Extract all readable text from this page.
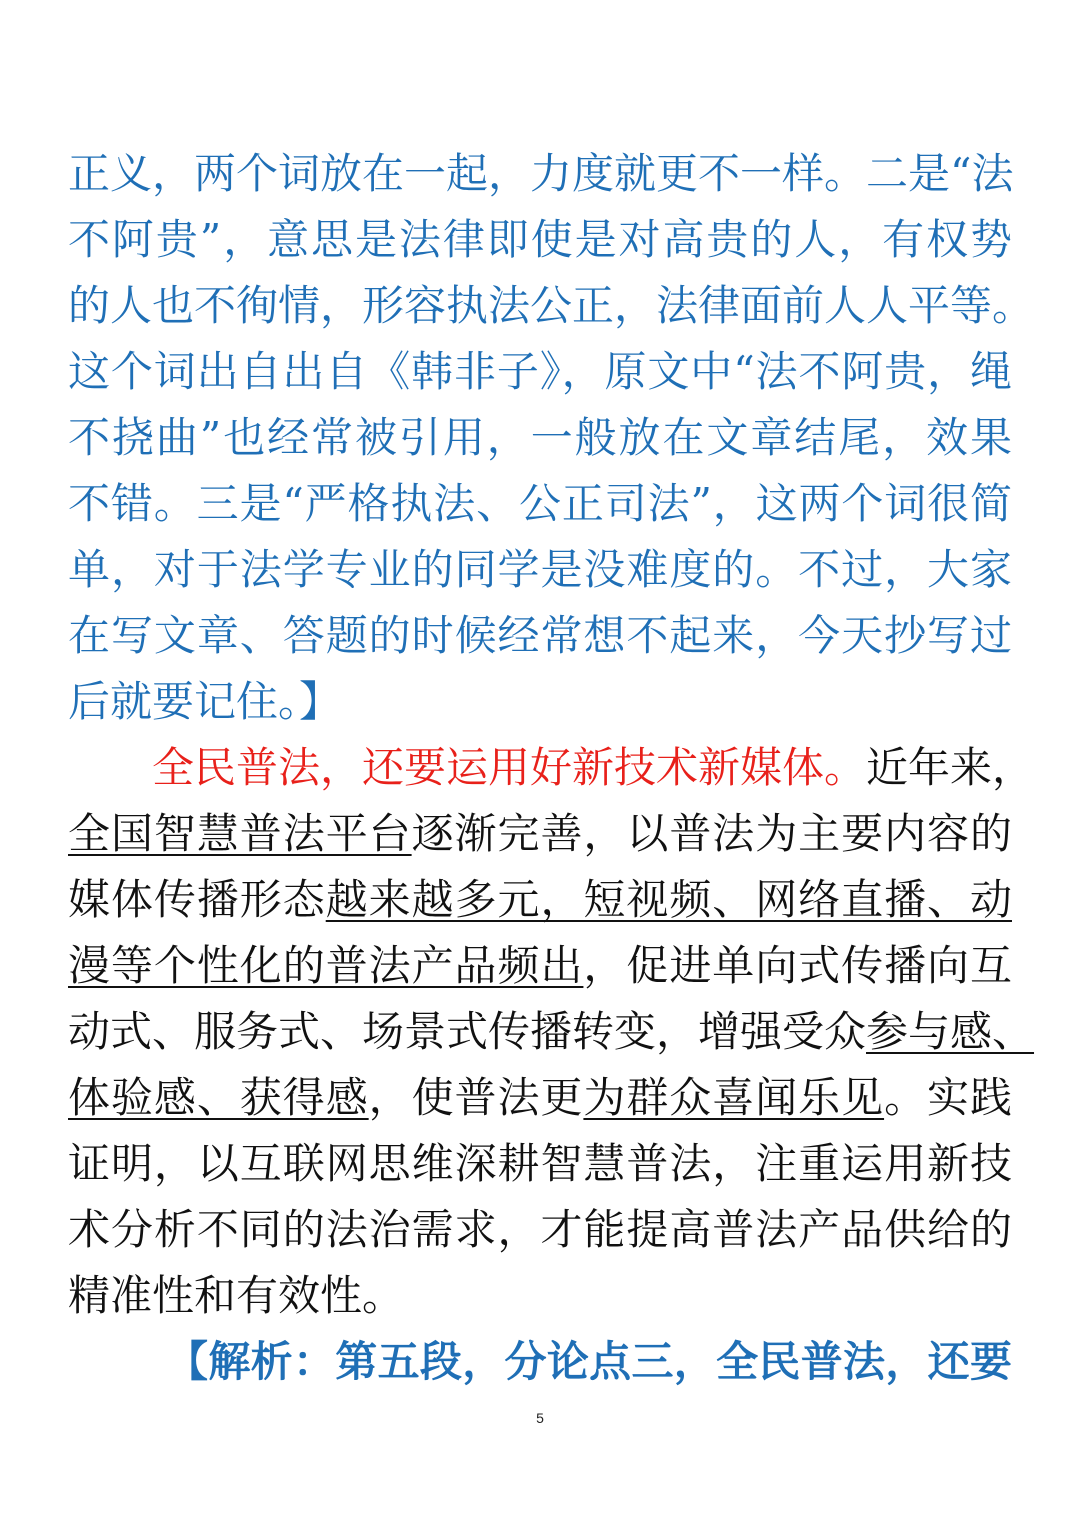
正义，两个词放在一起，力度就更不一样。二是“法
不阿贵”，意思是法律即使是对高贵的人，有权势
的人也不徇情，形容执法公正，法律面前人人平等。
这个词出自出自《韩非子》，原文中“法不阿贵，绳
不挠曲”也经常被引用，一般放在文章结尾，效果
不错。三是“严格执法、公正司法”，这两个词很简
单，对于法学专业的同学是没难度的。不过，大家
在写文章、答题的时候经常想不起来，今天抄写过
后就要记住。】
全民普法，还要运用好新技术新媒体。近年来，
全国智慧普法平台逐渐完善，以普法为主要内容的
媒体传播形态越来越多元，短视频、网络直播、动
漫等个性化的普法产品频出，促进单向式传播向互
动式、服务式、场景式传播转变，增强受众参与感、
体验感、获得感，使普法更为群众喜闻乐见。实践
证明，以互联网思维深耕智慧普法，注重运用新技
术分析不同的法治需求，才能提高普法产品供给的
精准性和有效性。
【解析：第五段，分论点三，全民普法，还要
5
